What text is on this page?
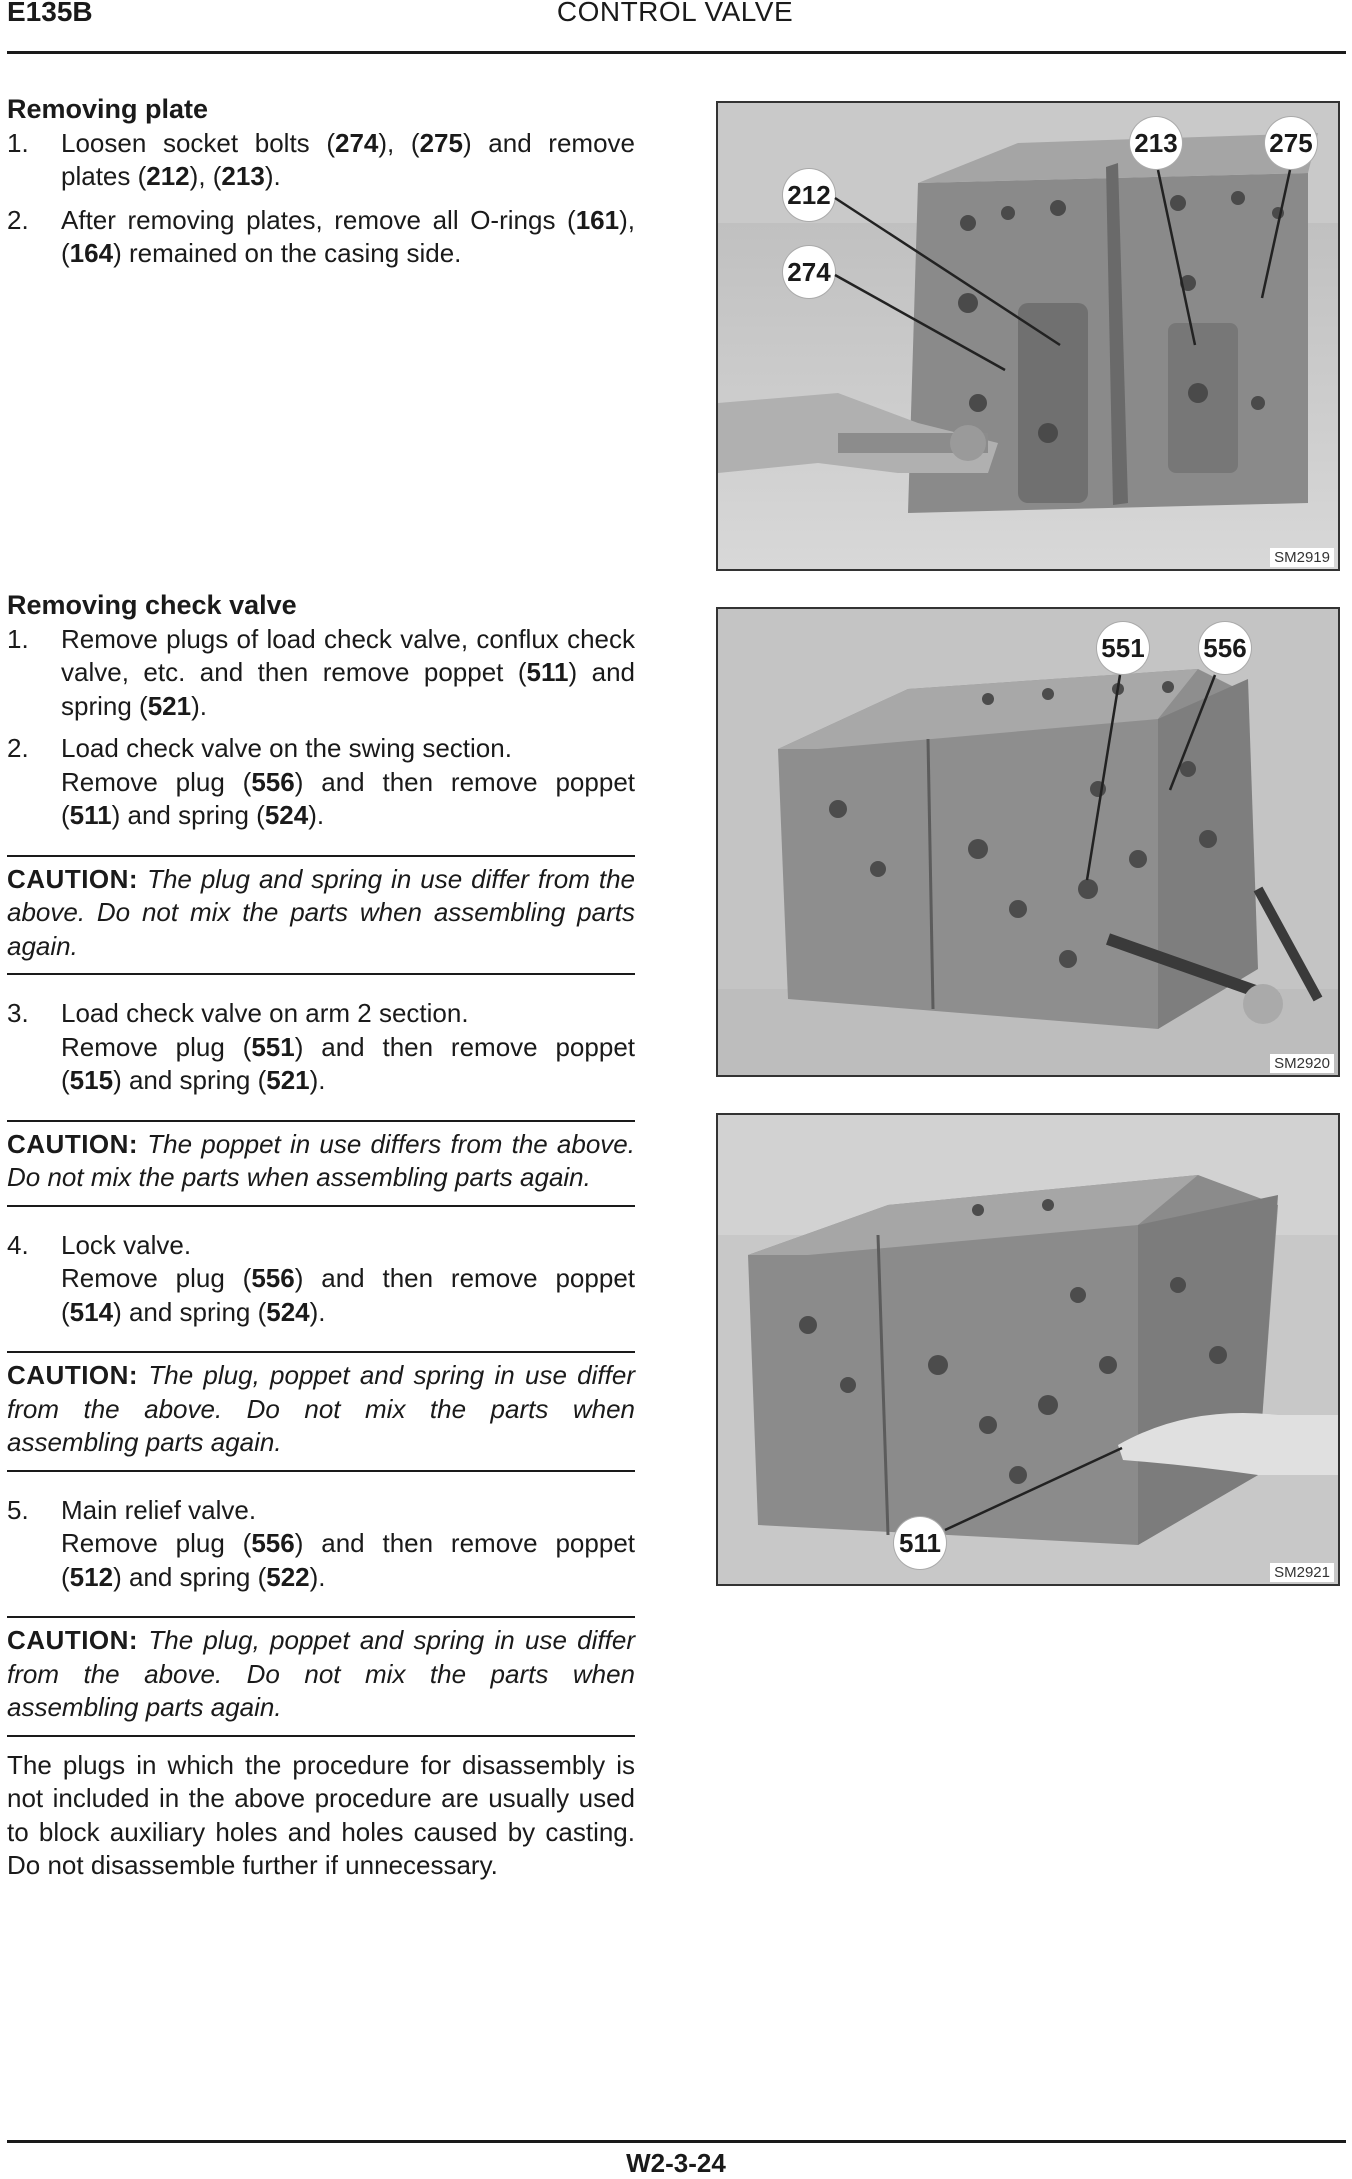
E135B	CONTROL VALVE
Removing plate
1. Loosen socket bolts (274), (275) and remove plates (212), (213).

2. After removing plates, remove all O-rings (161), (164) remained on the casing side.

Removing check valve
1. Remove plugs of load check valve, conflux check valve, etc. and then remove poppet (511) and spring (521).

2. Load check valve on the swing section.

Remove plug (556) and then remove poppet (511) and spring (524).

CAUTION: The plug and spring in use differ from the above. Do not mix the parts when assembling parts again.
3. Load check valve on arm 2 section.

Remove plug (551) and then remove poppet (515) and spring (521).

CAUTION: The poppet in use differs from the above. Do not mix the parts when assembling parts again.
4. Lock valve.

Remove plug (556) and then remove poppet (514) and spring (524).

CAUTION: The plug, poppet and spring in use differ from the above. Do not mix the parts when assembling parts again.
5. Main relief valve.

Remove plug (556) and then remove poppet (512) and spring (522).

CAUTION: The plug, poppet and spring in use differ from the above. Do not mix the parts when assembling parts again.

The plugs in which the procedure for disassembly is not included in the above procedure are usually used to block auxiliary holes and holes caused by casting. Do not disassemble further if unnecessary.

212
274
213	275
SM2919
551 556
SM2920
511
SM2921
W2-3-24
